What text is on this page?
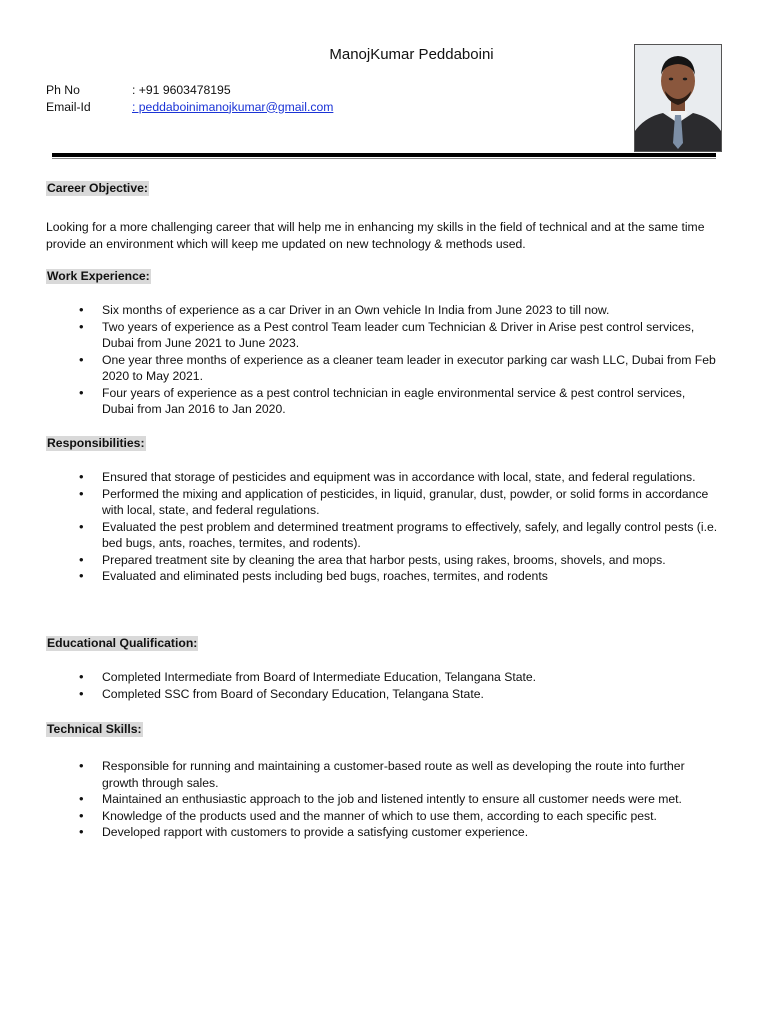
ManojKumar Peddaboini
Ph No	: +91 9603478195
Email-Id	: peddaboinimanojkumar@gmail.com
Career Objective:
Looking for a more challenging career that will help me in enhancing my skills in the field of technical and at the same time provide an environment which will keep me updated on new technology & methods used.
Work Experience:
• Six months of experience as a car Driver in an Own vehicle In India from June 2023 to till now.
• Two years of experience as a Pest control Team leader cum Technician & Driver in Arise pest control services, Dubai from June 2021 to June 2023.
• One year three months of experience as a cleaner team leader in executor parking car wash LLC, Dubai from Feb 2020 to May 2021.
• Four years of experience as a pest control technician in eagle environmental service & pest control services, Dubai from Jan 2016 to Jan 2020.
Responsibilities:
• Ensured that storage of pesticides and equipment was in accordance with local, state, and federal regulations.
• Performed the mixing and application of pesticides, in liquid, granular, dust, powder, or solid forms in accordance with local, state, and federal regulations.
• Evaluated the pest problem and determined treatment programs to effectively, safely, and legally control pests (i.e. bed bugs, ants, roaches, termites, and rodents).
• Prepared treatment site by cleaning the area that harbor pests, using rakes, brooms, shovels, and mops.
• Evaluated and eliminated pests including bed bugs, roaches, termites, and rodents
Educational Qualification:
• Completed Intermediate from Board of Intermediate Education, Telangana State.
• Completed SSC from Board of Secondary Education, Telangana State.
Technical Skills:
• Responsible for running and maintaining a customer-based route as well as developing the route into further growth through sales.
• Maintained an enthusiastic approach to the job and listened intently to ensure all customer needs were met.
• Knowledge of the products used and the manner of which to use them, according to each specific pest.
• Developed rapport with customers to provide a satisfying customer experience.
